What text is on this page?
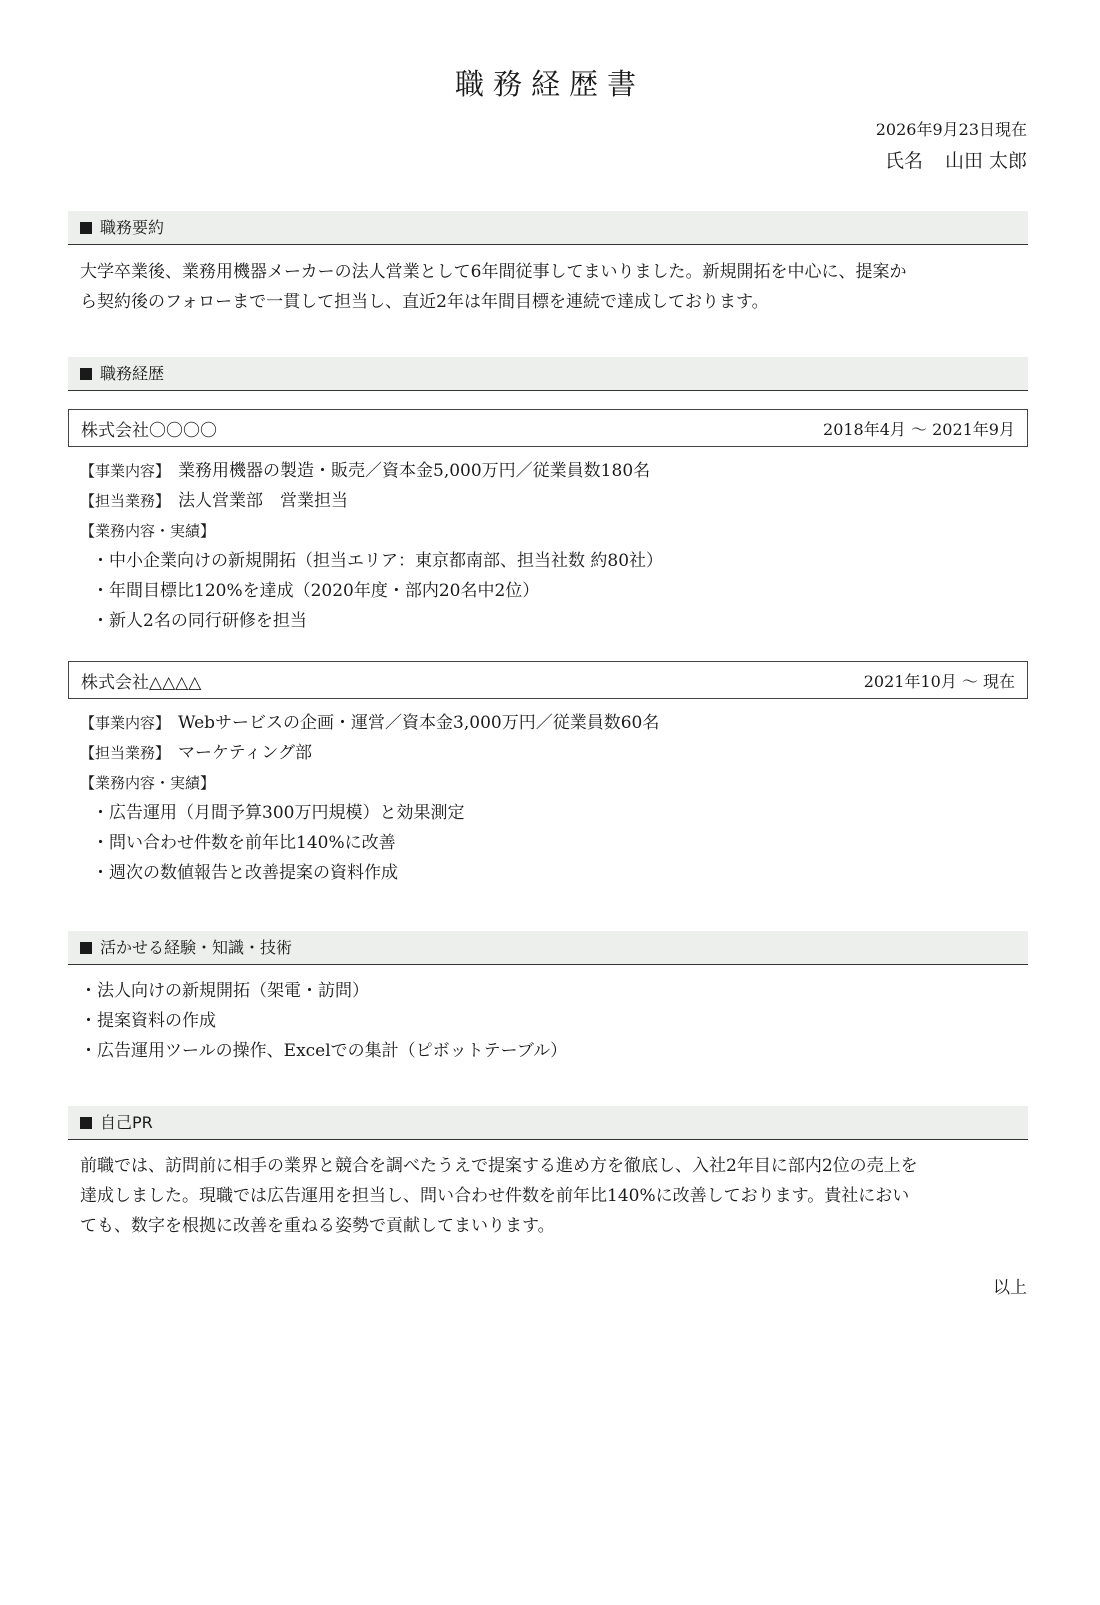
職務経歴書
2026年9月23日現在
氏名 山田 太郎
職務要約
大学卒業後、業務用機器メーカーの法人営業として6年間従事してまいりました。新規開拓を中心に、提案か
ら契約後のフォローまで一貫して担当し、直近2年は年間目標を連続で達成しております。
職務経歴
株式会社〇〇〇〇	2018年4月 〜 2021年9月
【事業内容】 業務用機器の製造・販売／資本金5,000万円／従業員数180名
【担当業務】 法人営業部　営業担当
【業務内容・実績】
・中小企業向けの新規開拓（担当エリア：東京都南部、担当社数 約80社）
・年間目標比120%を達成（2020年度・部内20名中2位）
・新人2名の同行研修を担当
株式会社△△△△	2021年10月 〜 現在
【事業内容】 Webサービスの企画・運営／資本金3,000万円／従業員数60名
【担当業務】 マーケティング部
【業務内容・実績】
・広告運用（月間予算300万円規模）と効果測定
・問い合わせ件数を前年比140%に改善
・週次の数値報告と改善提案の資料作成
活かせる経験・知識・技術
・法人向けの新規開拓（架電・訪問）
・提案資料の作成
・広告運用ツールの操作、Excelでの集計（ピボットテーブル）
自己PR
前職では、訪問前に相手の業界と競合を調べたうえで提案する進め方を徹底し、入社2年目に部内2位の売上を
達成しました。現職では広告運用を担当し、問い合わせ件数を前年比140%に改善しております。貴社におい
ても、数字を根拠に改善を重ねる姿勢で貢献してまいります。
以上
